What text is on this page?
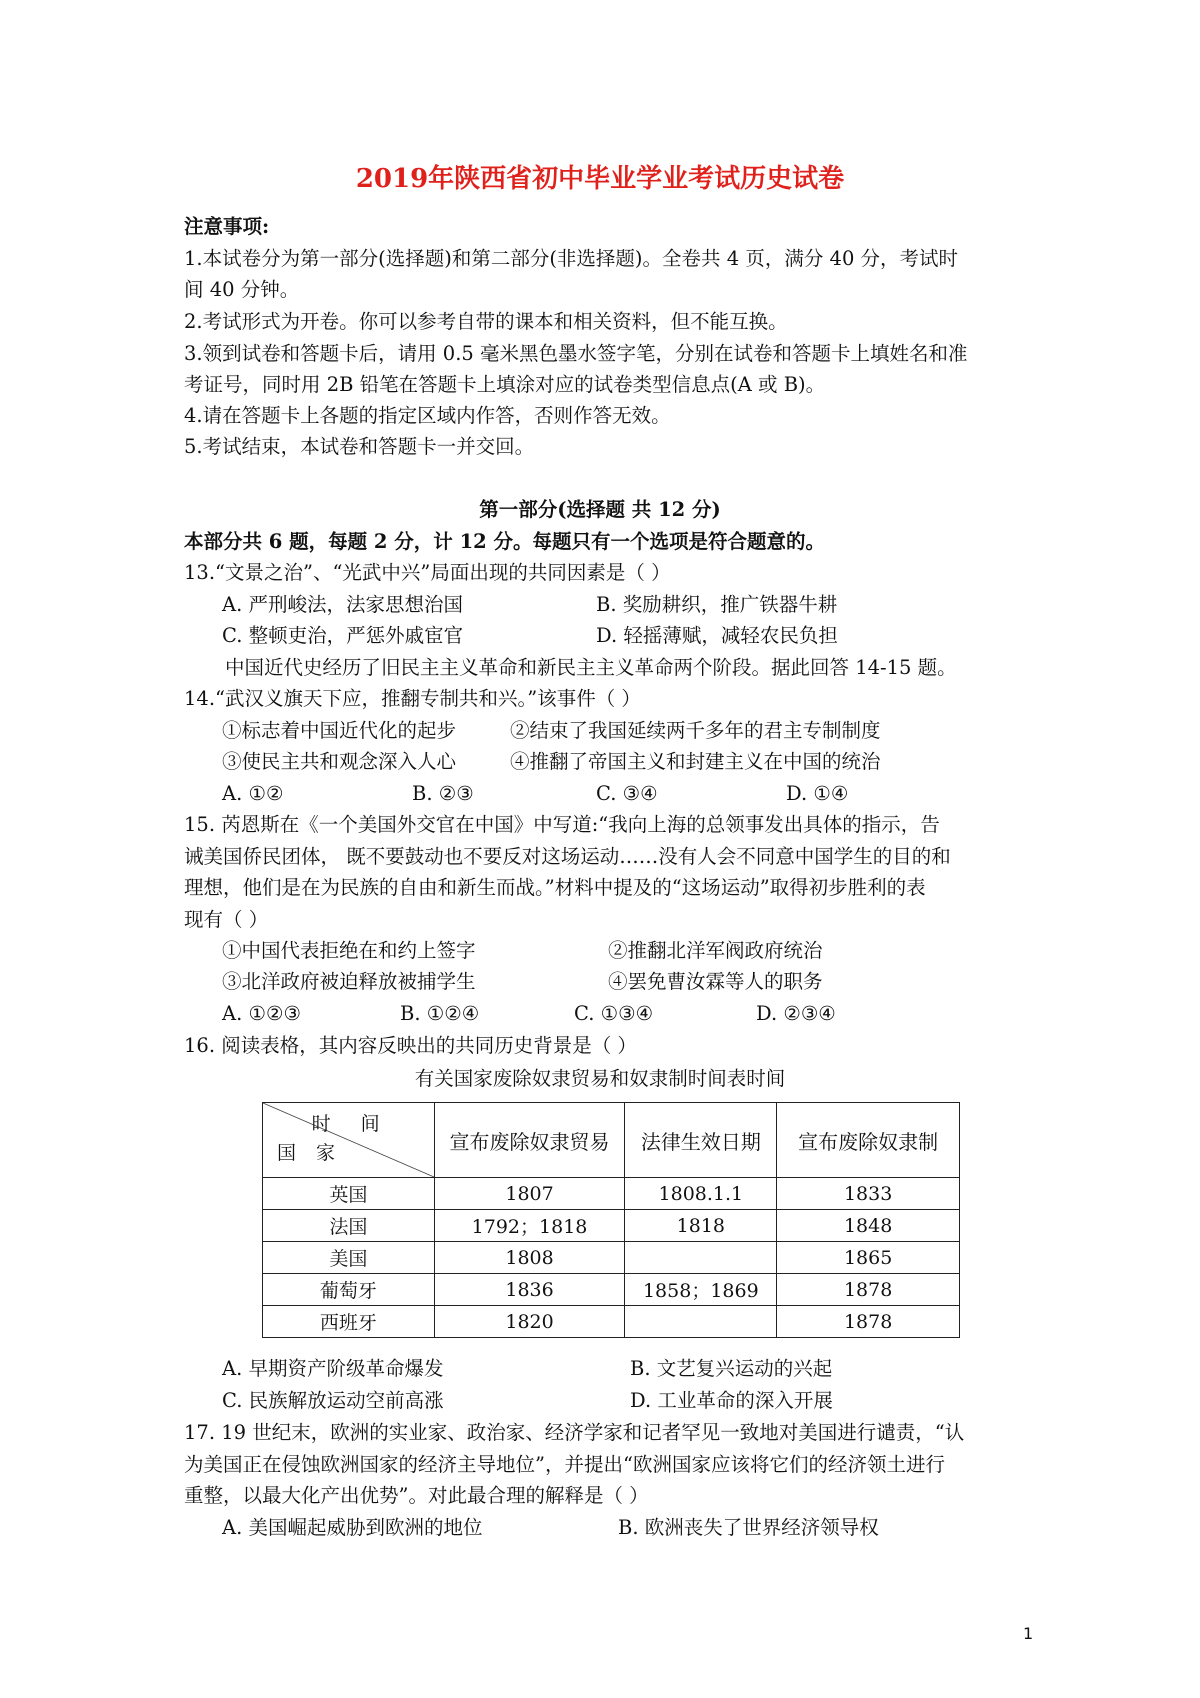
2019年陕西省初中毕业学业考试历史试卷
注意事项:
1.本试卷分为第一部分(选择题)和第二部分(非选择题)。全卷共 4 页，满分 40 分，考试时
间 40 分钟。
2.考试形式为开卷。你可以参考自带的课本和相关资料，但不能互换。
3.领到试卷和答题卡后，请用 0.5 毫米黑色墨水签字笔，分别在试卷和答题卡上填姓名和准
考证号，同时用 2B 铅笔在答题卡上填涂对应的试卷类型信息点(A 或 B)。
4.请在答题卡上各题的指定区域内作答，否则作答无效。
5.考试结束，本试卷和答题卡一并交回。
第一部分(选择题 共 12 分)
本部分共 6 题，每题 2 分，计 12 分。每题只有一个选项是符合题意的。
13.“文景之治”、“光武中兴”局面出现的共同因素是（ ）
A. 严刑峻法，法家思想治国	B. 奖励耕织，推广铁器牛耕
C. 整顿吏治，严惩外戚宦官	D. 轻摇薄赋，减轻农民负担
中国近代史经历了旧民主主义革命和新民主主义革命两个阶段。据此回答 14-15 题。
14.“武汉义旗天下应，推翻专制共和兴。”该事件（ ）
①标志着中国近代化的起步	②结束了我国延续两千多年的君主专制制度
③使民主共和观念深入人心	④推翻了帝国主义和封建主义在中国的统治
A. ①②	B. ②③	C. ③④	D. ①④
15. 芮恩斯在《一个美国外交官在中国》中写道:“我向上海的总领事发出具体的指示，告
诫美国侨民团体， 既不要鼓动也不要反对这场运动……没有人会不同意中国学生的目的和
理想，他们是在为民族的自由和新生而战。”材料中提及的“这场运动”取得初步胜利的表
现有（ ）
①中国代表拒绝在和约上签字	②推翻北洋军阀政府统治
③北洋政府被迫释放被捕学生	④罢免曹汝霖等人的职务
A. ①②③	B. ①②④	C. ①③④	D. ②③④
16. 阅读表格，其内容反映出的共同历史背景是（ ）
有关国家废除奴隶贸易和奴隶制时间表时间
时间
国家	宣布废除奴隶贸易	法律生效日期	宣布废除奴隶制
英国	1807	1808.1.1	1833
法国	1792；1818	1818	1848
美国	1808		1865
葡萄牙	1836	1858；1869	1878
西班牙	1820		1878
A. 早期资产阶级革命爆发	B. 文艺复兴运动的兴起
C. 民族解放运动空前高涨	D. 工业革命的深入开展
17. 19 世纪末，欧洲的实业家、政治家、经济学家和记者罕见一致地对美国进行谴责，“认
为美国正在侵蚀欧洲国家的经济主导地位”，并提出“欧洲国家应该将它们的经济领土进行
重整，以最大化产出优势”。对此最合理的解释是（ ）
A. 美国崛起威胁到欧洲的地位	B. 欧洲丧失了世界经济领导权
1
